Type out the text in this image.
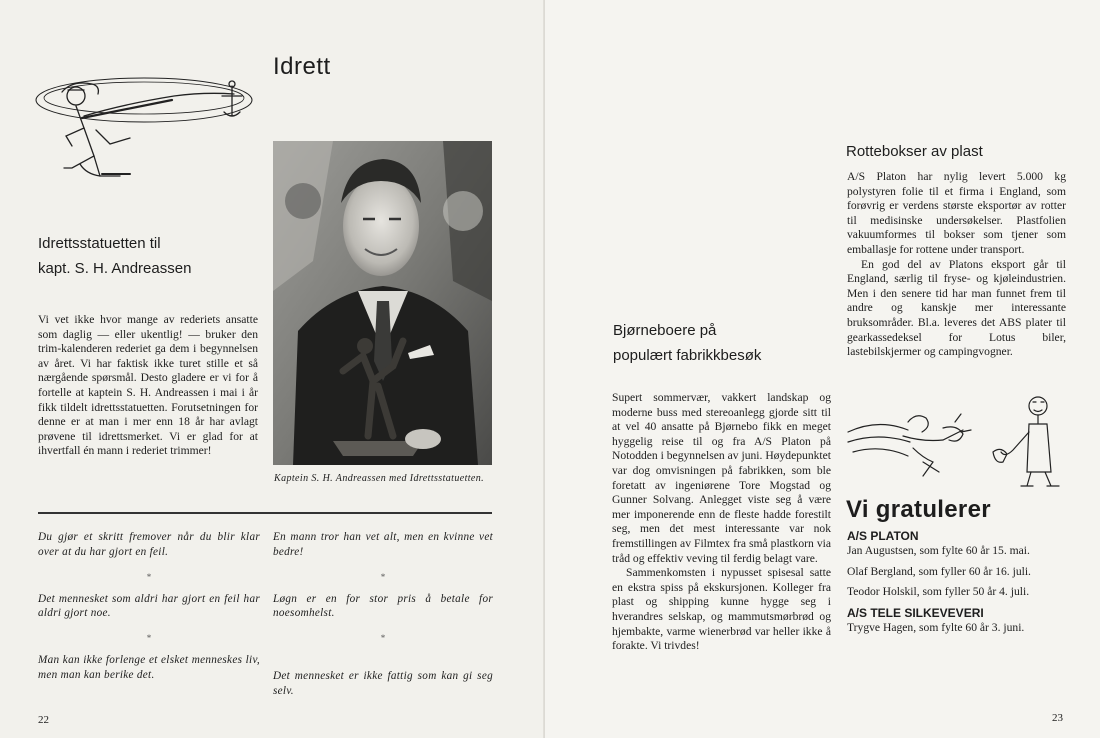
Idrett
Idrettsstatuetten til
kapt. S. H. Andreassen

Vi vet ikke hvor mange av rederiets ansatte som daglig — eller ukentlig! — bruker den trim-kalenderen rederiet ga dem i begynnelsen av året. Vi har faktisk ikke turet stille et så nærgående spørsmål. Desto gladere er vi for å fortelle at kaptein S. H. Andreassen i mai i år fikk tildelt idrettsstatuetten. Forutsetningen for denne er at man i mer enn 18 år har avlagt prøvene til idrettsmerket. Vi er glad for at ihvertfall én mann i rederiet trimmer!

Kaptein S. H. Andreassen med Idrettsstatuetten.
Du gjør et skritt fremover når du blir klar over at du har gjort en feil.
*
Det mennesket som aldri har gjort en feil har aldri gjort noe.
*
Man kan ikke forlenge et elsket menneskes liv, men man kan berike det.
En mann tror han vet alt, men en kvinne vet bedre!
*
Løgn er en for stor pris å betale for noesomhelst.
*
Det mennesket er ikke fattig som kan gi seg selv.
22
Bjørneboere på
populært fabrikkbesøk

Supert sommervær, vakkert landskap og moderne buss med stereoanlegg gjorde sitt til at vel 40 ansatte på Bjørnebo fikk en meget hyggelig reise til og fra A/S Platon på Notodden i begynnelsen av juni. Høydepunktet var dog omvisningen på fabrikken, som ble foretatt av ingeniørene Tore Mogstad og Gunner Solvang. Anlegget viste seg å være mer imponerende enn de fleste hadde forestilt seg, men det mest interessante var nok fremstillingen av Filmtex fra små plastkorn via tråd og effektiv veving til ferdig belagt vare.

Sammenkomsten i nypusset spisesal satte en ekstra spiss på ekskursjonen. Kolleger fra plast og shipping kunne hygge seg i hverandres selskap, og mammutsmørbrød og hjembakte, varme wienerbrød var heller ikke å forakte. Vi trivdes!

Rottebokser av plast

A/S Platon har nylig levert 5.000 kg polystyren folie til et firma i England, som forøvrig er verdens største eksportør av rotter til medisinske undersøkelser. Plastfolien vakuumformes til bokser som tjener som emballasje for rottene under transport.

En god del av Platons eksport går til England, særlig til fryse- og kjøleindustrien. Men i den senere tid har man funnet frem til andre og kanskje mer interessante bruksområder. Bl.a. leveres det ABS plater til gearkassedeksel for Lotus biler, lastebilskjermer og campingvogner.

Vi gratulerer
A/S PLATON

Jan Augustsen, som fylte 60 år 15. mai.

Olaf Bergland, som fyller 60 år 16. juli.

Teodor Holskil, som fyller 50 år 4. juli.

A/S TELE SILKEVEVERI

Trygve Hagen, som fylte 60 år 3. juni.

23
